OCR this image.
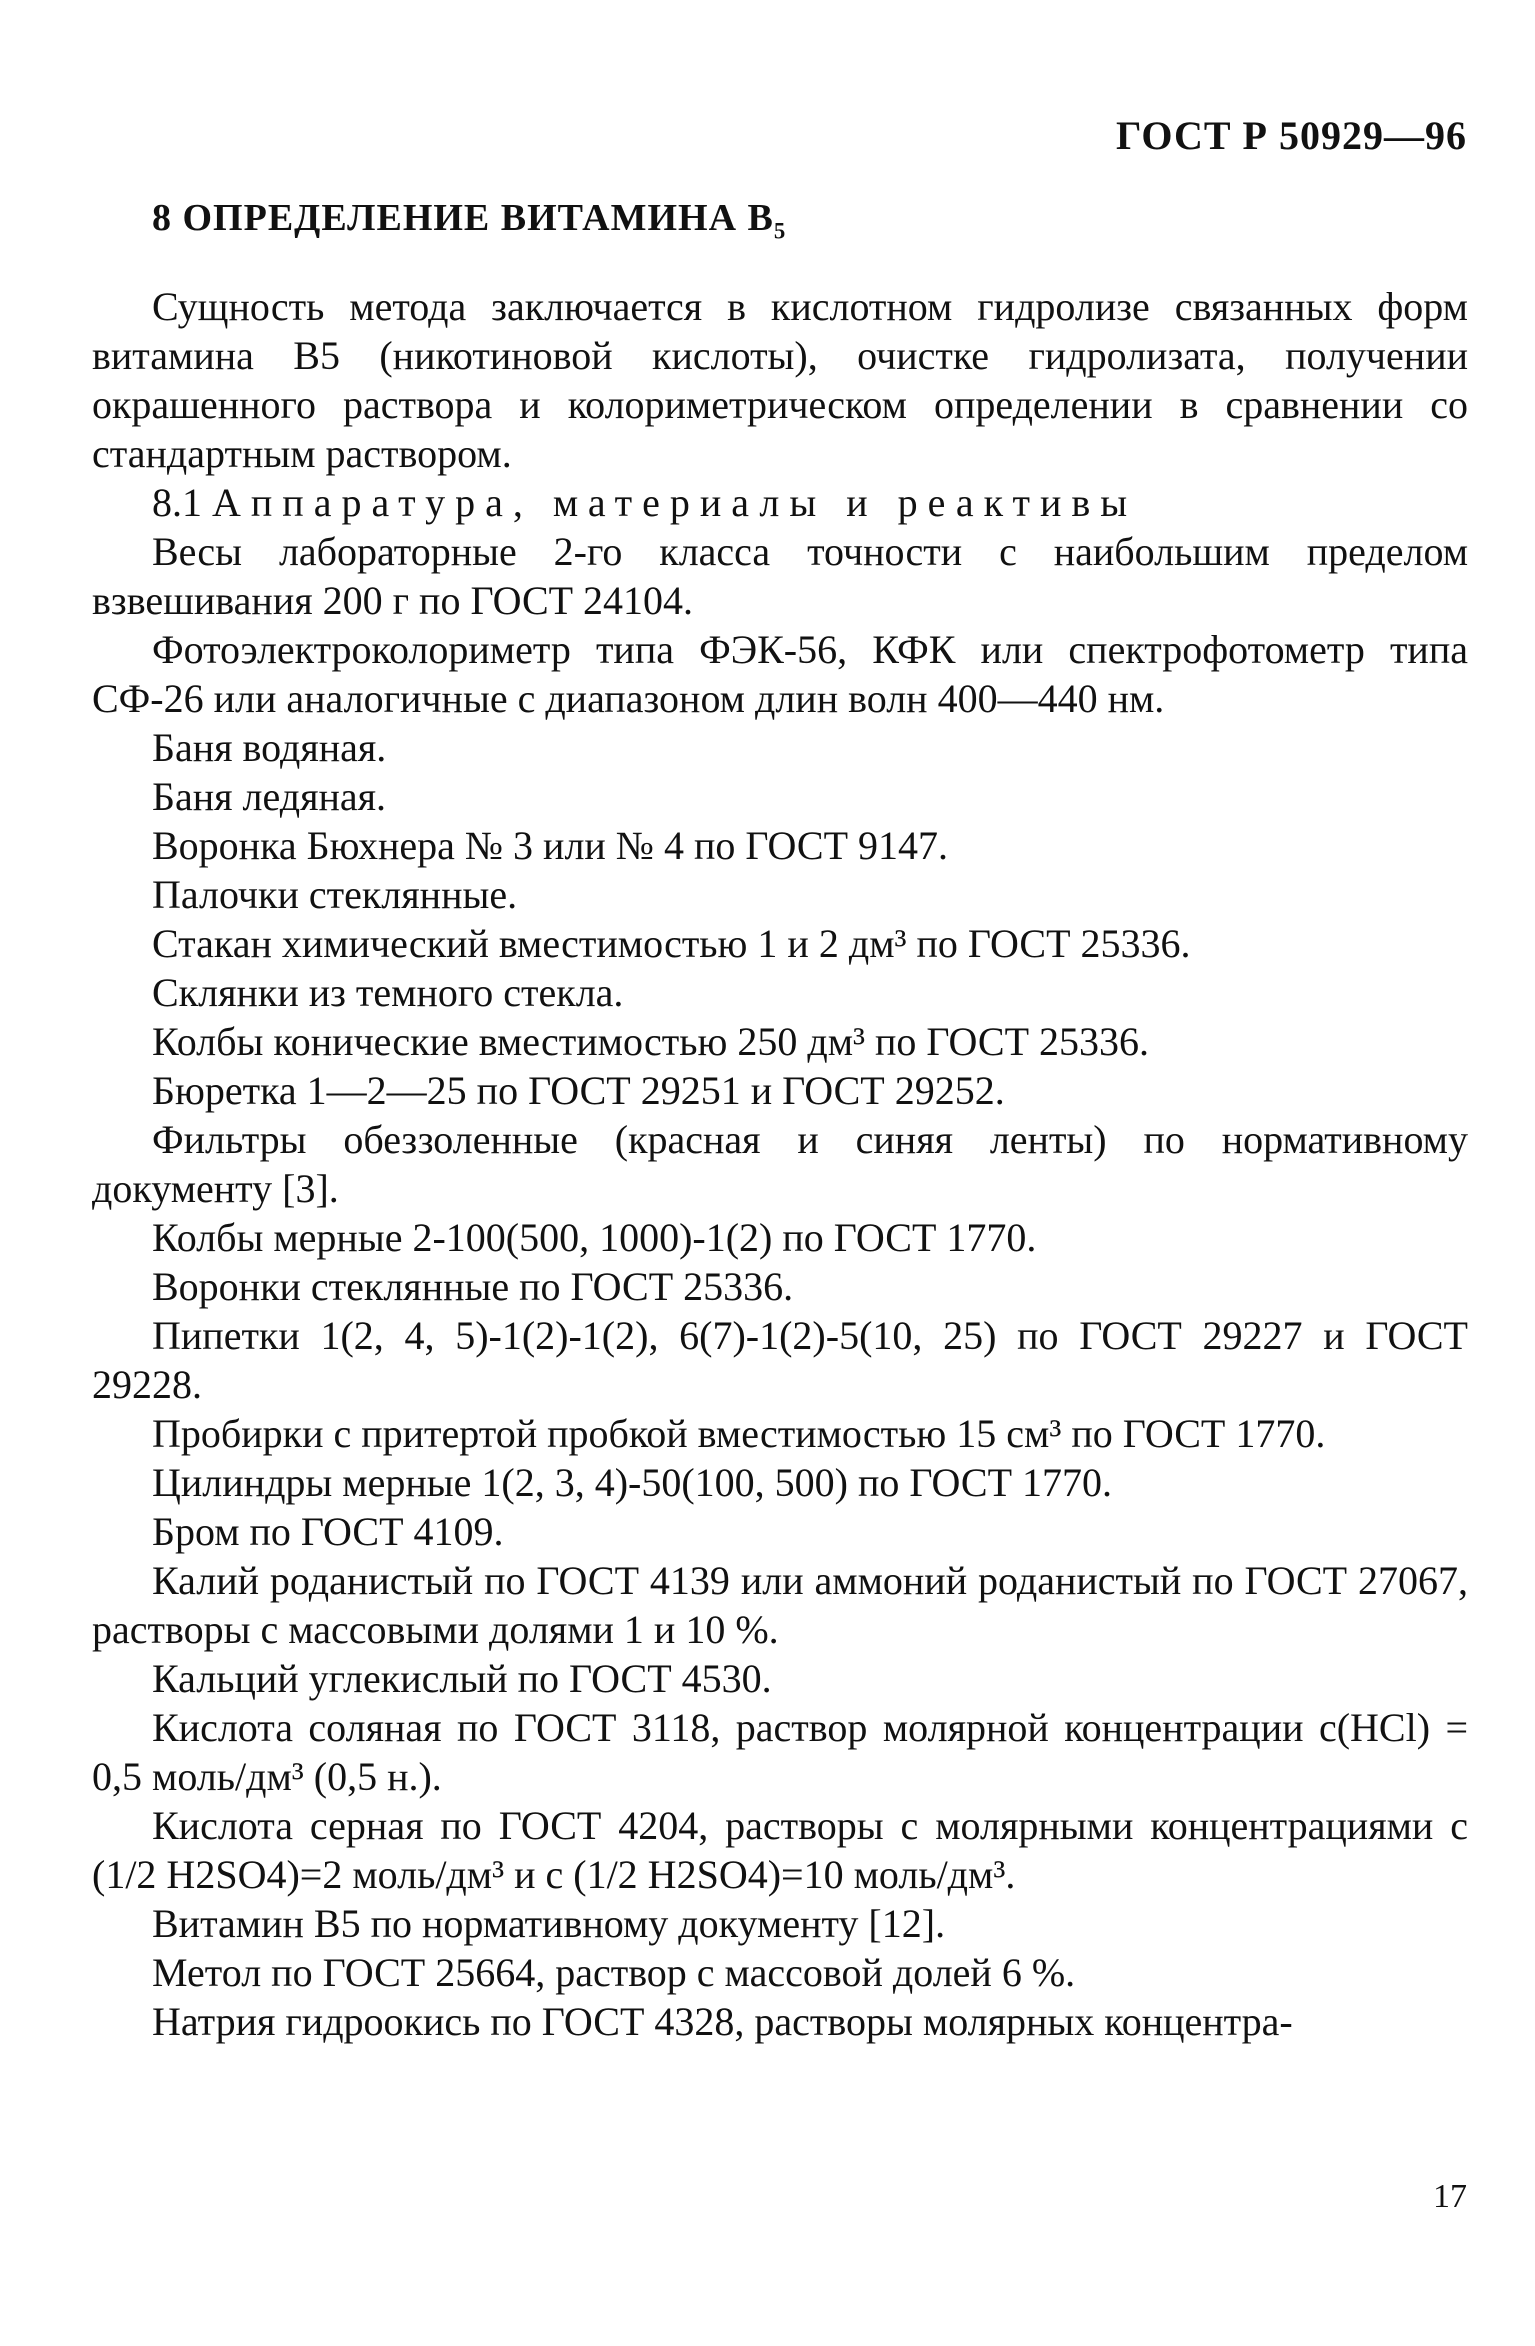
ГОСТ Р 50929—96
8 ОПРЕДЕЛЕНИЕ ВИТАМИНА $В_5$

Сущность метода заключается в кислотном гидролизе связанных форм витамина В5 (никотиновой кислоты), очистке гидролизата, получении окрашенного раствора и колориметрическом определении в сравнении со стандартным раствором.

8.1 Аппаратура, материалы и реактивы

Весы лабораторные 2-го класса точности с наибольшим пределом взвешивания 200 г по ГОСТ 24104.

Фотоэлектроколориметр типа ФЭК-56, КФК или спектрофотометр типа СФ-26 или аналогичные с диапазоном длин волн 400—440 нм.

Баня водяная.

Баня ледяная.

Воронка Бюхнера № 3 или № 4 по ГОСТ 9147.

Палочки стеклянные.

Стакан химический вместимостью 1 и 2 дм³ по ГОСТ 25336.

Склянки из темного стекла.

Колбы конические вместимостью 250 дм³ по ГОСТ 25336.

Бюретка 1—2—25 по ГОСТ 29251 и ГОСТ 29252.

Фильтры обеззоленные (красная и синяя ленты) по нормативному документу [3].

Колбы мерные 2-100(500, 1000)-1(2) по ГОСТ 1770.

Воронки стеклянные по ГОСТ 25336.

Пипетки 1(2, 4, 5)-1(2)-1(2), 6(7)-1(2)-5(10, 25) по ГОСТ 29227 и ГОСТ 29228.

Пробирки с притертой пробкой вместимостью 15 см³ по ГОСТ 1770.

Цилиндры мерные 1(2, 3, 4)-50(100, 500) по ГОСТ 1770.

Бром по ГОСТ 4109.

Калий роданистый по ГОСТ 4139 или аммоний роданистый по ГОСТ 27067, растворы с массовыми долями 1 и 10 %.

Кальций углекислый по ГОСТ 4530.

Кислота соляная по ГОСТ 3118, раствор молярной концентрации c(HCl) = 0,5 моль/дм³ (0,5 н.).

Кислота серная по ГОСТ 4204, растворы с молярными концентрациями c (1/2 H2SO4)=2 моль/дм³ и c (1/2 H2SO4)=10 моль/дм³.

Витамин В5 по нормативному документу [12].

Метол по ГОСТ 25664, раствор с массовой долей 6 %.

Натрия гидроокись по ГОСТ 4328, растворы молярных концентра-

17
